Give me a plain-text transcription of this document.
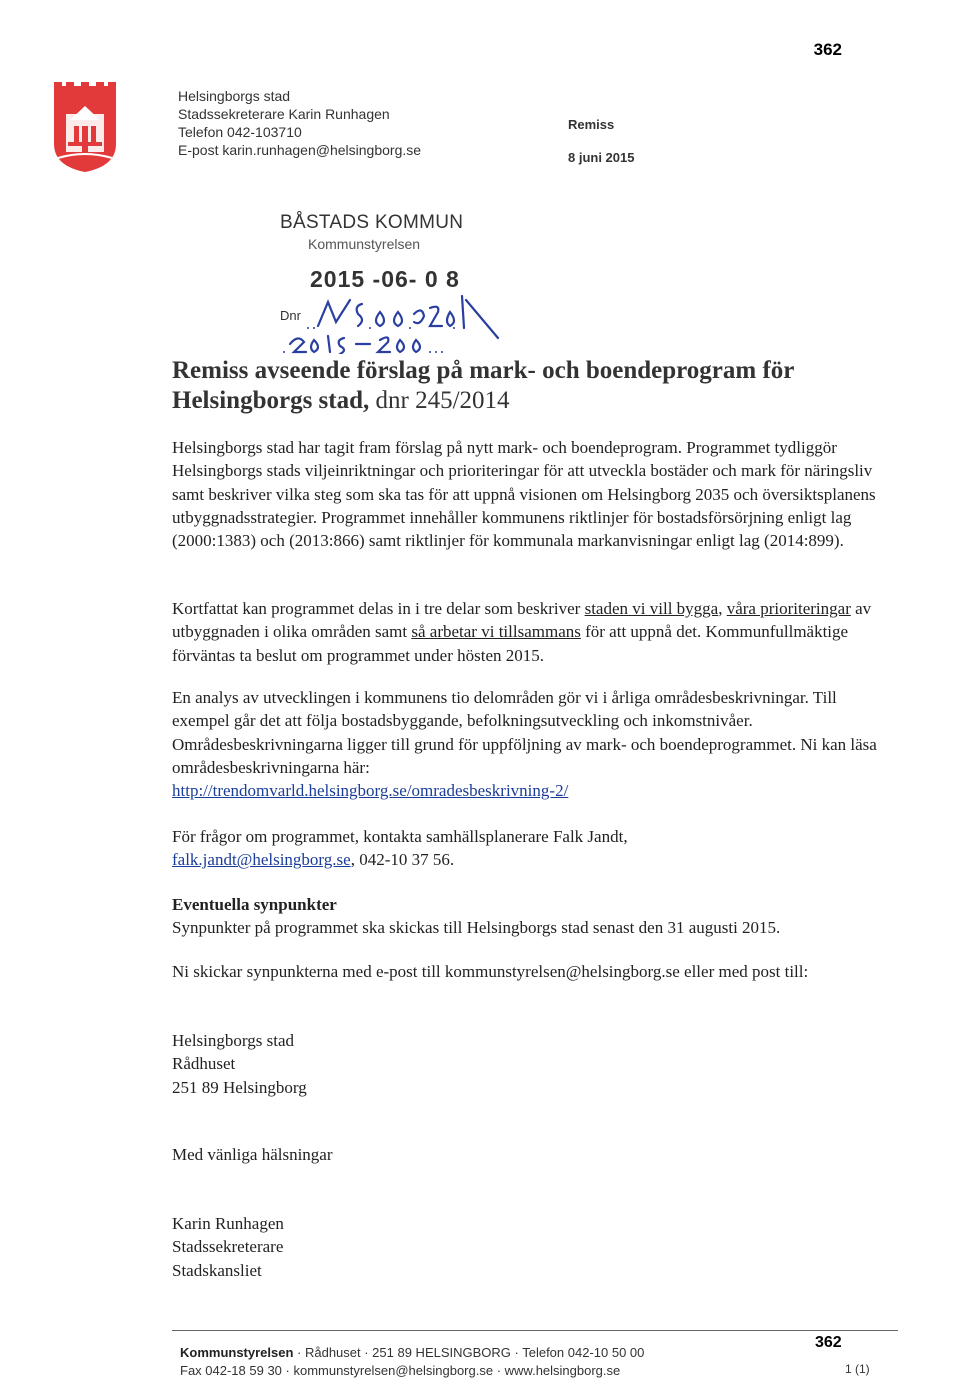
362
Helsingborgs stad
Stadssekreterare Karin Runhagen
Telefon 042-103710
E-post karin.runhagen@helsingborg.se
Remiss
8 juni 2015
BÅSTADS KOMMUN
Kommunstyrelsen
2015 -06- 0 8
Dnr
Remiss avseende förslag på mark- och boendeprogram för
Helsingborgs stad, dnr 245/2014

Helsingborgs stad har tagit fram förslag på nytt mark- och boendeprogram. Programmet tydliggör Helsingborgs stads viljeinriktningar och prioriteringar för att utveckla bostäder och mark för näringsliv samt beskriver vilka steg som ska tas för att uppnå visionen om Helsingborg 2035 och översiktsplanens utbyggnadsstrategier. Programmet innehåller kommunens riktlinjer för bostadsförsörjning enligt lag (2000:1383) och (2013:866) samt riktlinjer för kommunala markanvisningar enligt lag (2014:899).

Kortfattat kan programmet delas in i tre delar som beskriver staden vi vill bygga, våra prioriteringar av utbyggnaden i olika områden samt så arbetar vi tillsammans för att uppnå det. Kommunfullmäktige förväntas ta beslut om programmet under hösten 2015.

En analys av utvecklingen i kommunens tio delområden gör vi i årliga områdesbeskrivningar. Till exempel går det att följa bostadsbyggande, befolkningsutveckling och inkomstnivåer. Områdesbeskrivningarna ligger till grund för uppföljning av mark- och boendeprogrammet. Ni kan läsa områdesbeskrivningarna här:

http://trendomvarld.helsingborg.se/omradesbeskrivning-2/

För frågor om programmet, kontakta samhällsplanerare Falk Jandt,

falk.jandt@helsingborg.se, 042-10 37 56.

Eventuella synpunkter

Synpunkter på programmet ska skickas till Helsingborgs stad senast den 31 augusti 2015.

Ni skickar synpunkterna med e-post till kommunstyrelsen@helsingborg.se eller med post till:

Helsingborgs stad

Rådhuset

251 89 Helsingborg

Med vänliga hälsningar

Karin Runhagen

Stadssekreterare

Stadskansliet

Kommunstyrelsen · Rådhuset · 251 89 HELSINGBORG · Telefon 042-10 50 00
Fax 042-18 59 30 · kommunstyrelsen@helsingborg.se · www.helsingborg.se
362
1 (1)
